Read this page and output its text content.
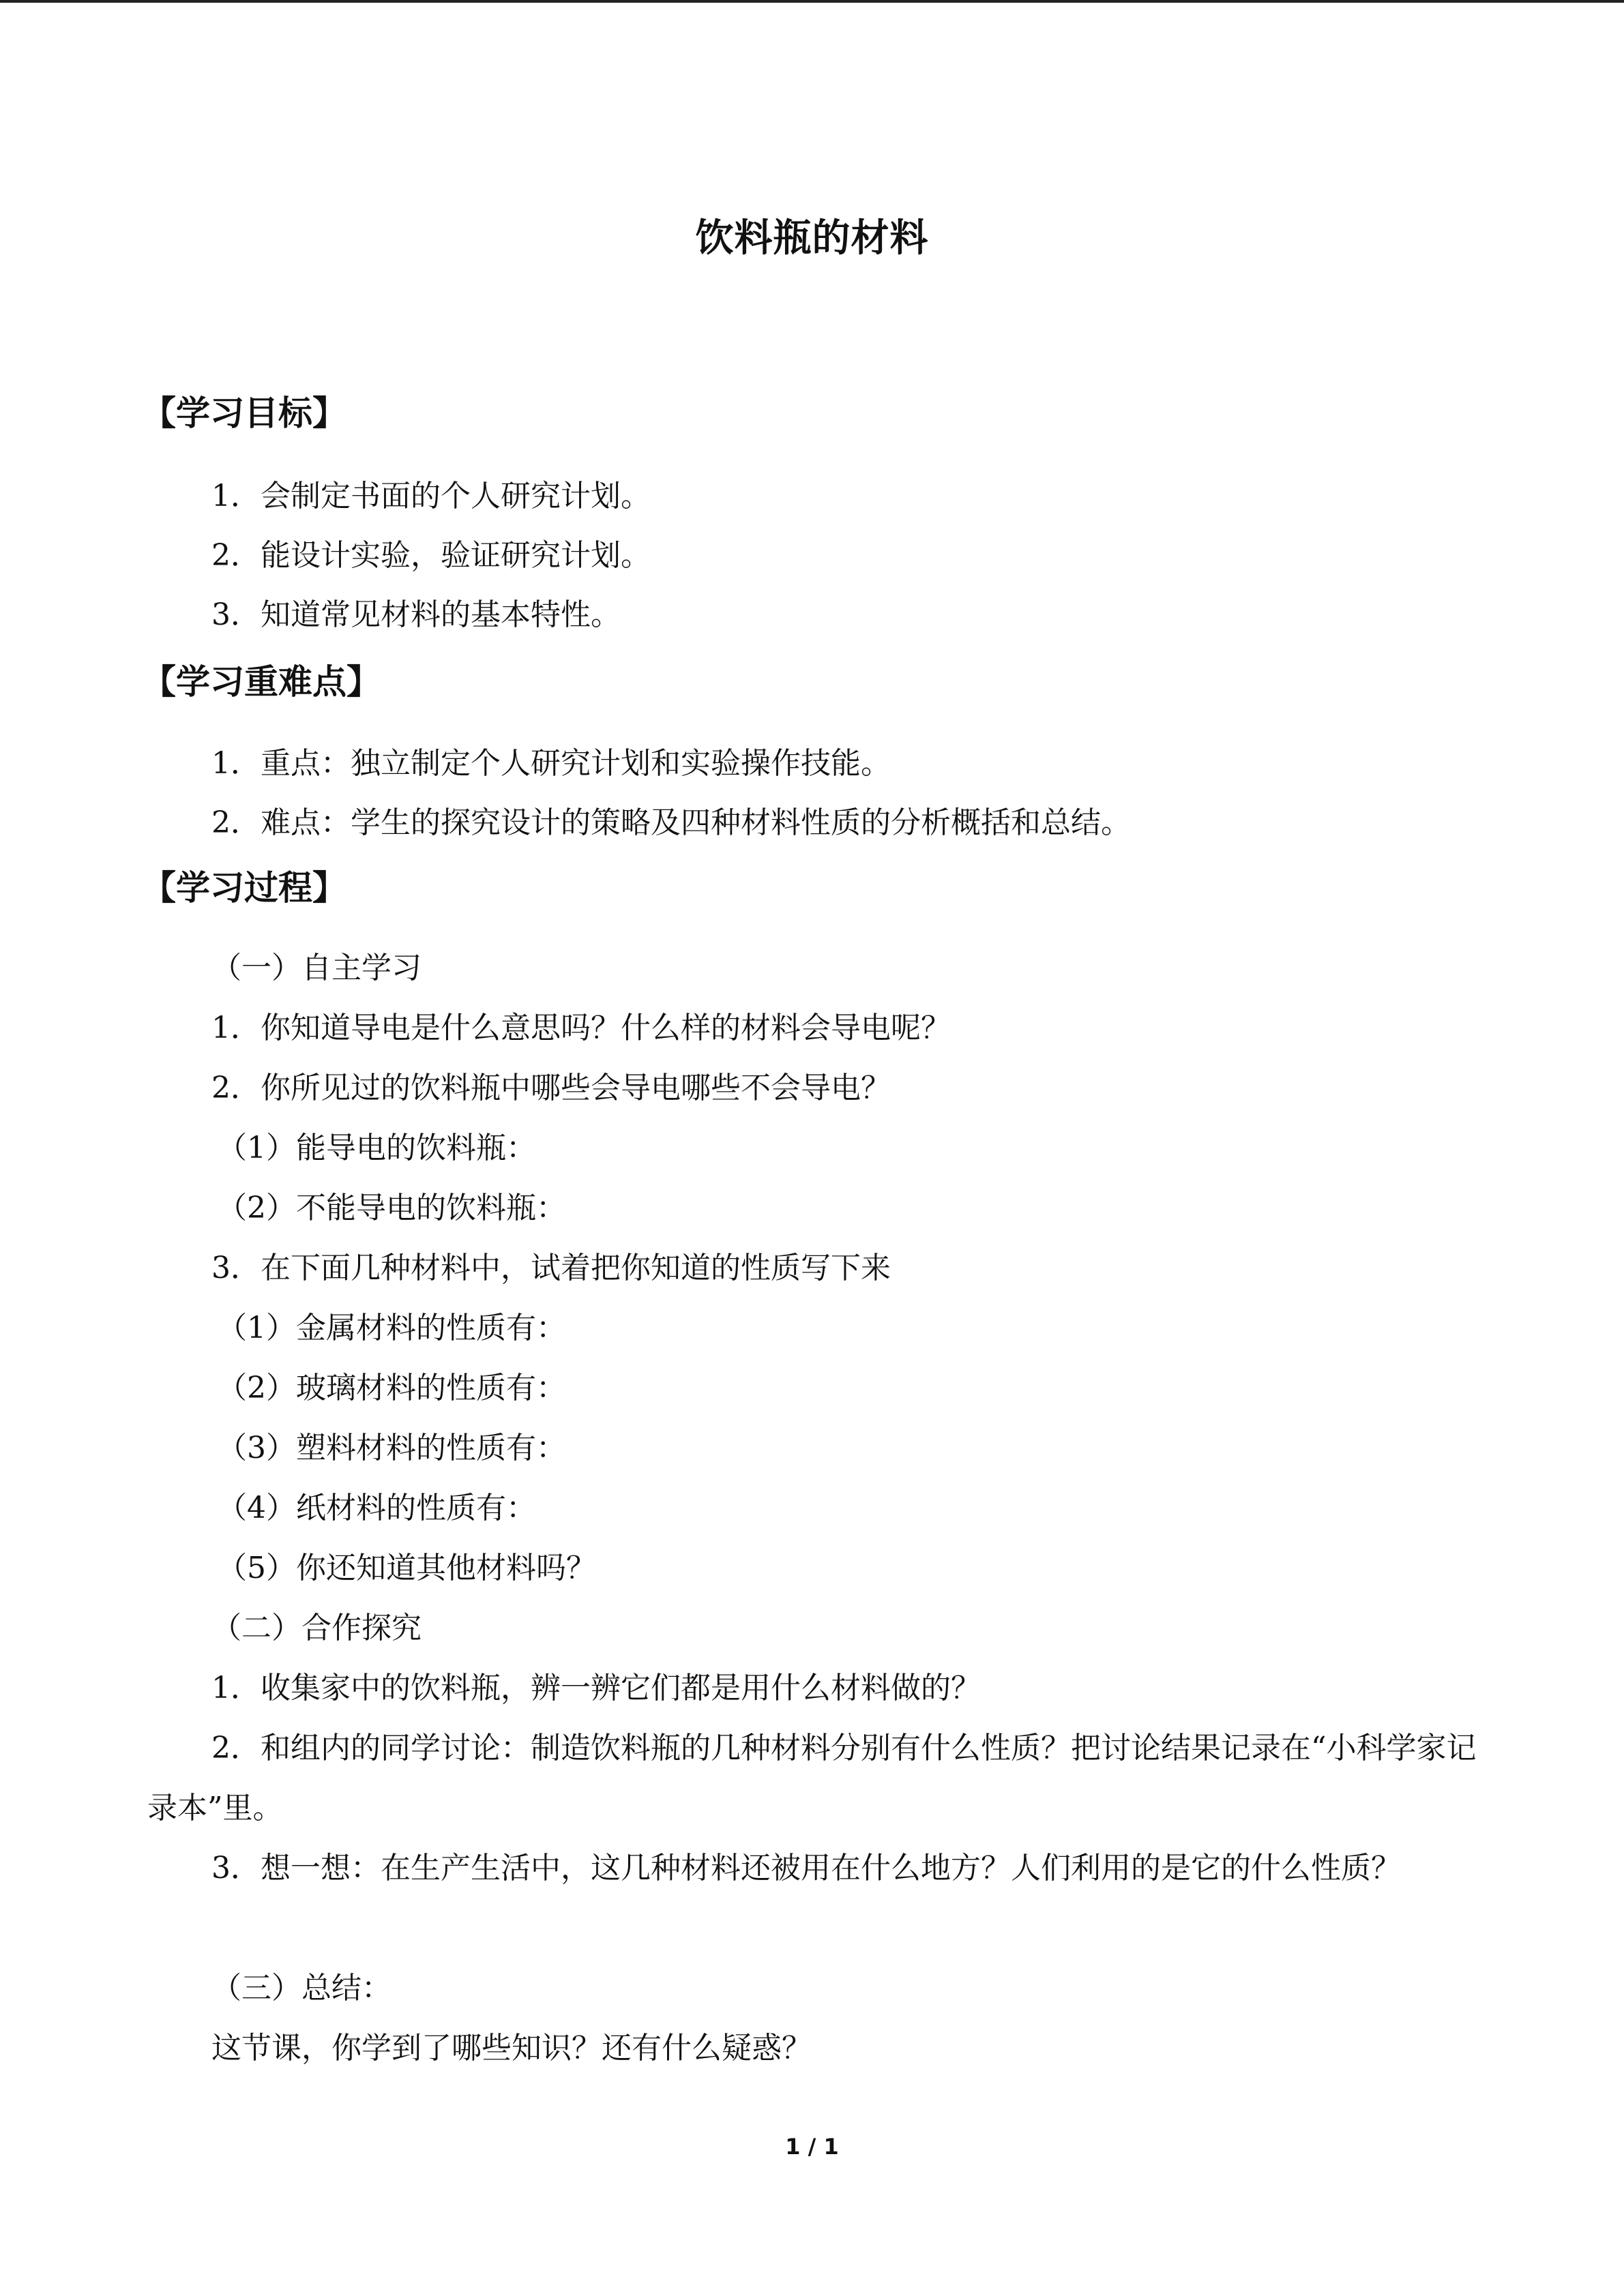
饮料瓶的材料
【学习目标】
1．会制定书面的个人研究计划。
2．能设计实验，验证研究计划。
3．知道常见材料的基本特性。
【学习重难点】
1．重点：独立制定个人研究计划和实验操作技能。
2．难点：学生的探究设计的策略及四种材料性质的分析概括和总结。
【学习过程】
（一）自主学习
1．你知道导电是什么意思吗？什么样的材料会导电呢？
2．你所见过的饮料瓶中哪些会导电哪些不会导电？
（1）能导电的饮料瓶：
（2）不能导电的饮料瓶：
3．在下面几种材料中，试着把你知道的性质写下来
（1）金属材料的性质有：
（2）玻璃材料的性质有：
（3）塑料材料的性质有：
（4）纸材料的性质有：
（5）你还知道其他材料吗？
（二）合作探究
1．收集家中的饮料瓶，辨一辨它们都是用什么材料做的？
2．和组内的同学讨论：制造饮料瓶的几种材料分别有什么性质？把讨论结果记录在“小科学家记录本”里。
3．想一想：在生产生活中，这几种材料还被用在什么地方？人们利用的是它的什么性质？
（三）总结：
这节课，你学到了哪些知识？还有什么疑惑？
1 / 1
